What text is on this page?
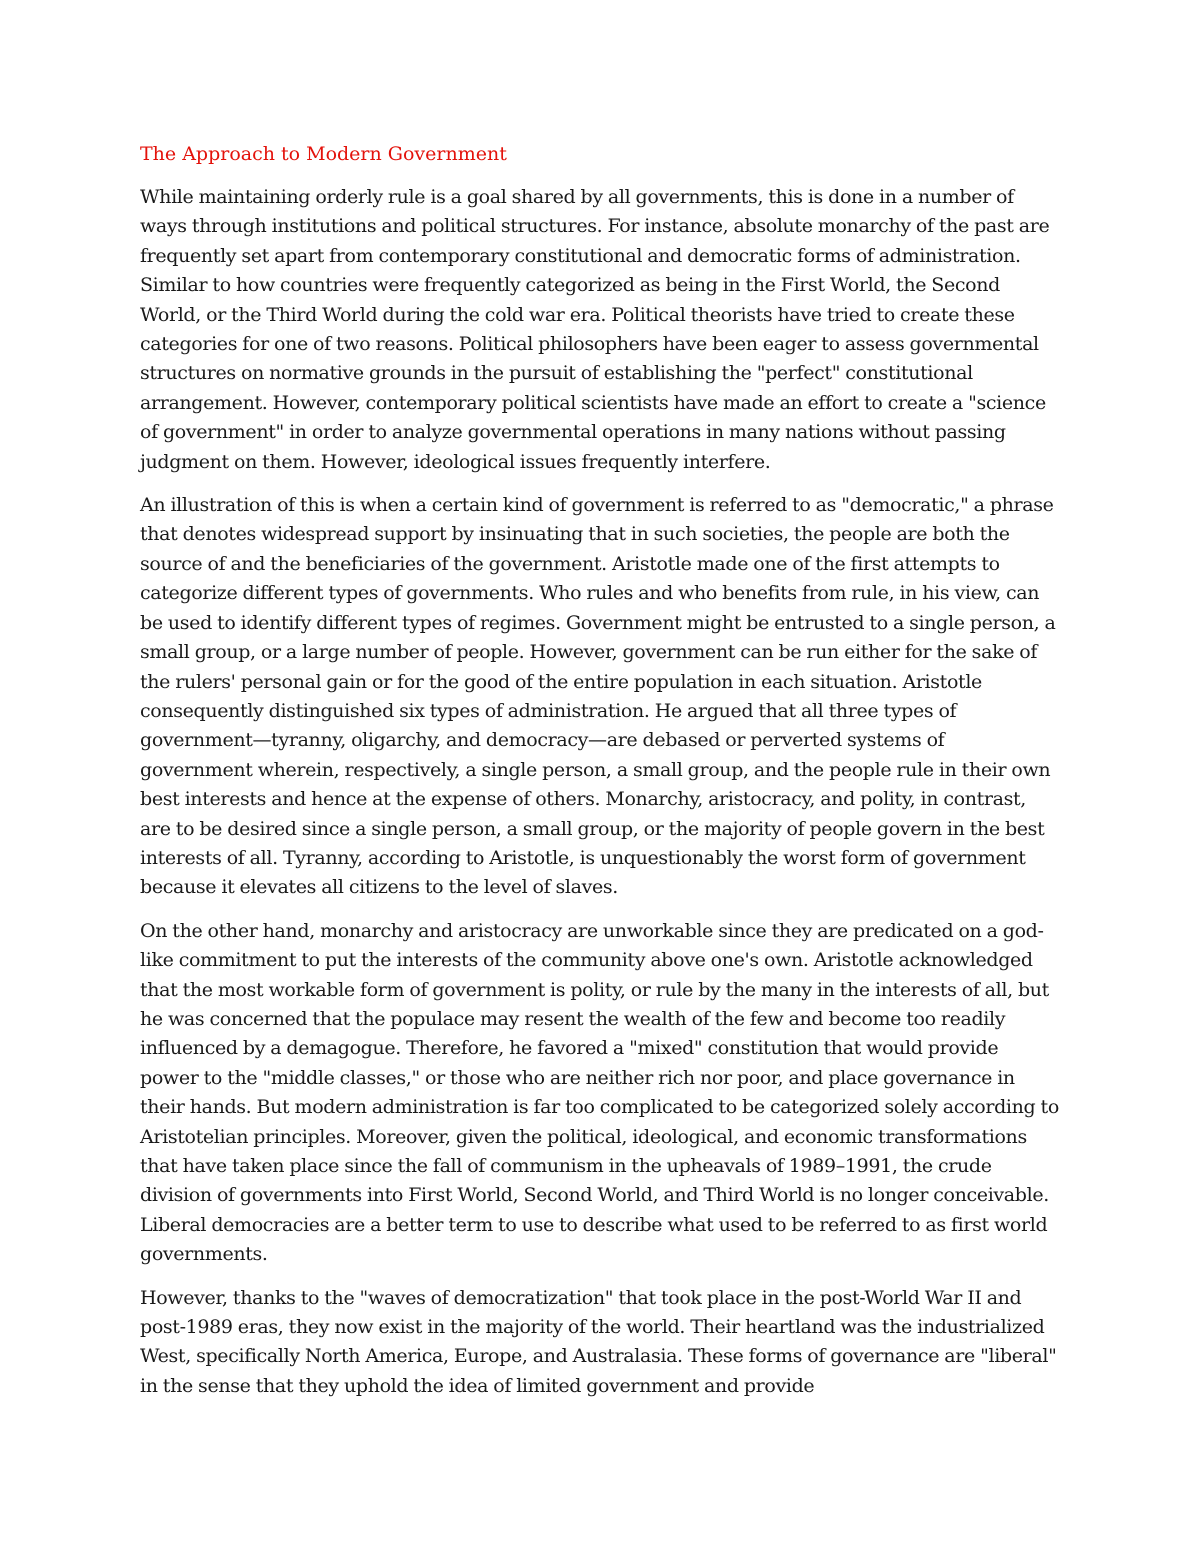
The Approach to Modern Government

While maintaining orderly rule is a goal shared by all governments, this is done in a number of ways through institutions and political structures. For instance, absolute monarchy of the past are frequently set apart from contemporary constitutional and democratic forms of administration. Similar to how countries were frequently categorized as being in the First World, the Second World, or the Third World during the cold war era. Political theorists have tried to create these categories for one of two reasons. Political philosophers have been eager to assess governmental structures on normative grounds in the pursuit of establishing the "perfect" constitutional arrangement. However, contemporary political scientists have made an effort to create a "science of government" in order to analyze governmental operations in many nations without passing judgment on them. However, ideological issues frequently interfere.

An illustration of this is when a certain kind of government is referred to as "democratic," a phrase that denotes widespread support by insinuating that in such societies, the people are both the source of and the beneficiaries of the government. Aristotle made one of the first attempts to categorize different types of governments. Who rules and who benefits from rule, in his view, can be used to identify different types of regimes. Government might be entrusted to a single person, a small group, or a large number of people. However, government can be run either for the sake of the rulers' personal gain or for the good of the entire population in each situation. Aristotle consequently distinguished six types of administration. He argued that all three types of government—tyranny, oligarchy, and democracy—are debased or perverted systems of government wherein, respectively, a single person, a small group, and the people rule in their own best interests and hence at the expense of others. Monarchy, aristocracy, and polity, in contrast, are to be desired since a single person, a small group, or the majority of people govern in the best interests of all. Tyranny, according to Aristotle, is unquestionably the worst form of government because it elevates all citizens to the level of slaves.

On the other hand, monarchy and aristocracy are unworkable since they are predicated on a god-like commitment to put the interests of the community above one's own. Aristotle acknowledged that the most workable form of government is polity, or rule by the many in the interests of all, but he was concerned that the populace may resent the wealth of the few and become too readily influenced by a demagogue. Therefore, he favored a "mixed" constitution that would provide power to the "middle classes," or those who are neither rich nor poor, and place governance in their hands. But modern administration is far too complicated to be categorized solely according to Aristotelian principles. Moreover, given the political, ideological, and economic transformations that have taken place since the fall of communism in the upheavals of 1989–1991, the crude division of governments into First World, Second World, and Third World is no longer conceivable. Liberal democracies are a better term to use to describe what used to be referred to as first world governments.

However, thanks to the "waves of democratization" that took place in the post-World War II and post-1989 eras, they now exist in the majority of the world. Their heartland was the industrialized West, specifically North America, Europe, and Australasia. These forms of governance are "liberal" in the sense that they uphold the idea of limited government and provide
